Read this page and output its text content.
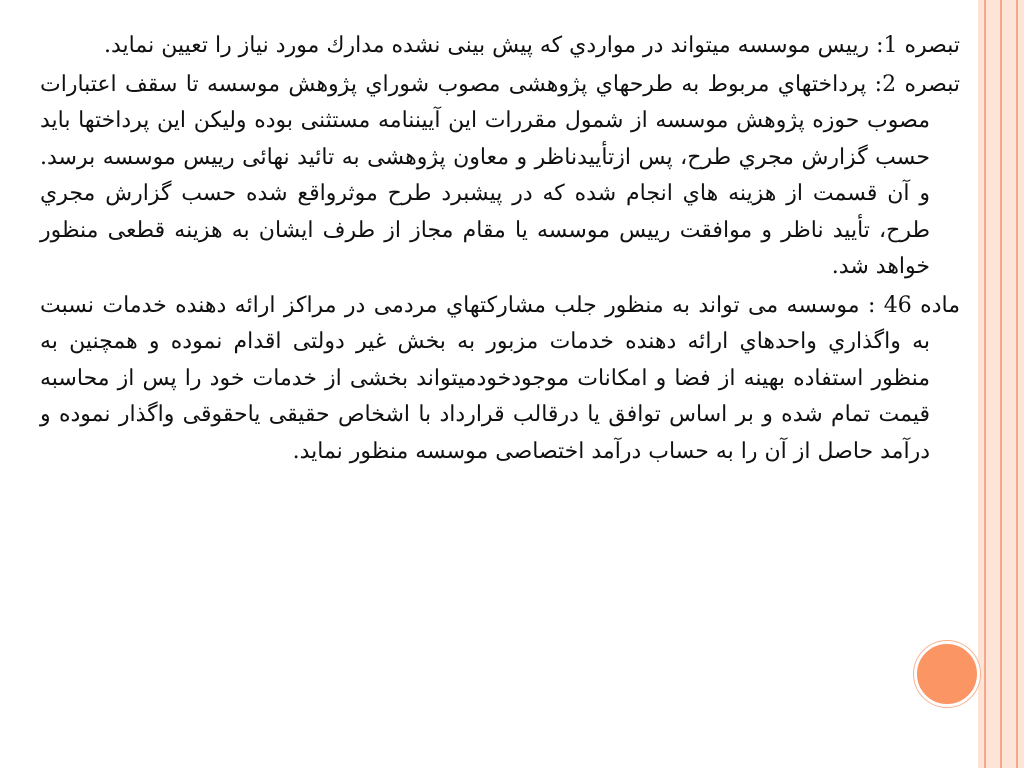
تبصره 1: رييس موسسه ميتواند در مواردي كه پيش بينی نشده مدارك مورد نياز را تعيين نمايد.

تبصره 2: پرداختهاي مربوط به طرحهاي پژوهشی مصوب شوراي پژوهش موسسه تا سقف اعتبارات مصوب حوزه پژوهش موسسه از شمول مقررات اين آييننامه مستثنی بوده وليكن اين پرداختها بايد حسب گزارش مجري طرح، پس ازتأييدناظر و معاون پژوهشی به تائيد نهائی رييس موسسه برسد. و آن قسمت از هزينه هاي انجام شده كه در پيشبرد طرح موثرواقع شده حسب گزارش مجري طرح، تأييد ناظر و موافقت رييس موسسه يا مقام مجاز از طرف ايشان به هزينه قطعی منظور خواهد شد.

ماده 46 : موسسه می تواند به منظور جلب مشاركتهاي مردمی در مراكز ارائه دهنده خدمات نسبت به واگذاري واحدهاي ارائه دهنده خدمات مزبور به بخش غير دولتی اقدام نموده و همچنين به منظور استفاده بهينه از فضا و امكانات موجودخودميتواند بخشی از خدمات خود را پس از محاسبه قيمت تمام شده و بر اساس توافق يا درقالب قرارداد با اشخاص حقيقی ياحقوقی واگذار نموده و درآمد حاصل از آن را به حساب درآمد اختصاصی موسسه منظور نمايد.
